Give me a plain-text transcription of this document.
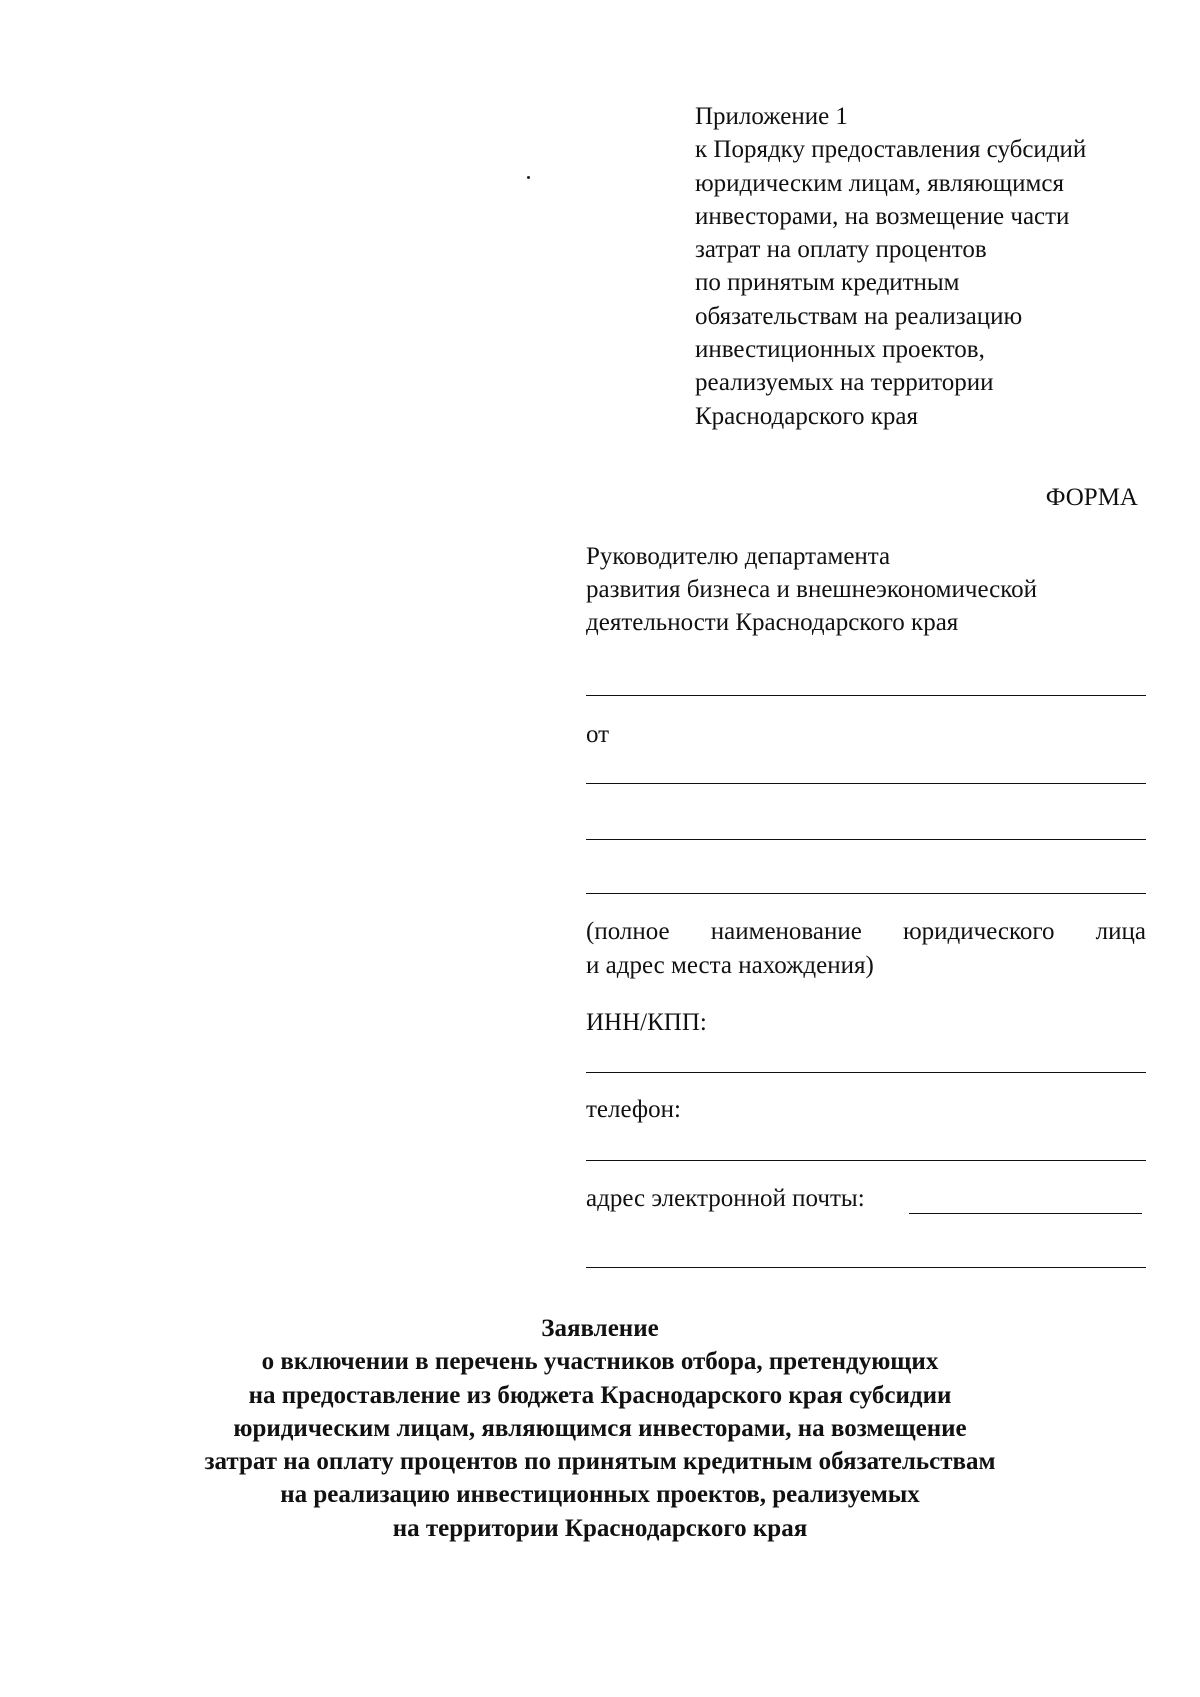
Приложение 1
к Порядку предоставления субсидий
юридическим лицам, являющимся
инвесторами, на возмещение части
затрат на оплату процентов
по принятым кредитным
обязательствам на реализацию
инвестиционных проектов,
реализуемых на территории
Краснодарского края
ФОРМА
Руководителю департамента
развития бизнеса и внешнеэкономической
деятельности Краснодарского края
от
(полное наименование юридического лица
и адрес места нахождения)
ИНН/КПП:
телефон:
адрес электронной почты:
Заявление
о включении в перечень участников отбора, претендующих
на предоставление из бюджета Краснодарского края субсидии
юридическим лицам, являющимся инвесторами, на возмещение
затрат на оплату процентов по принятым кредитным обязательствам
на реализацию инвестиционных проектов, реализуемых
на территории Краснодарского края
